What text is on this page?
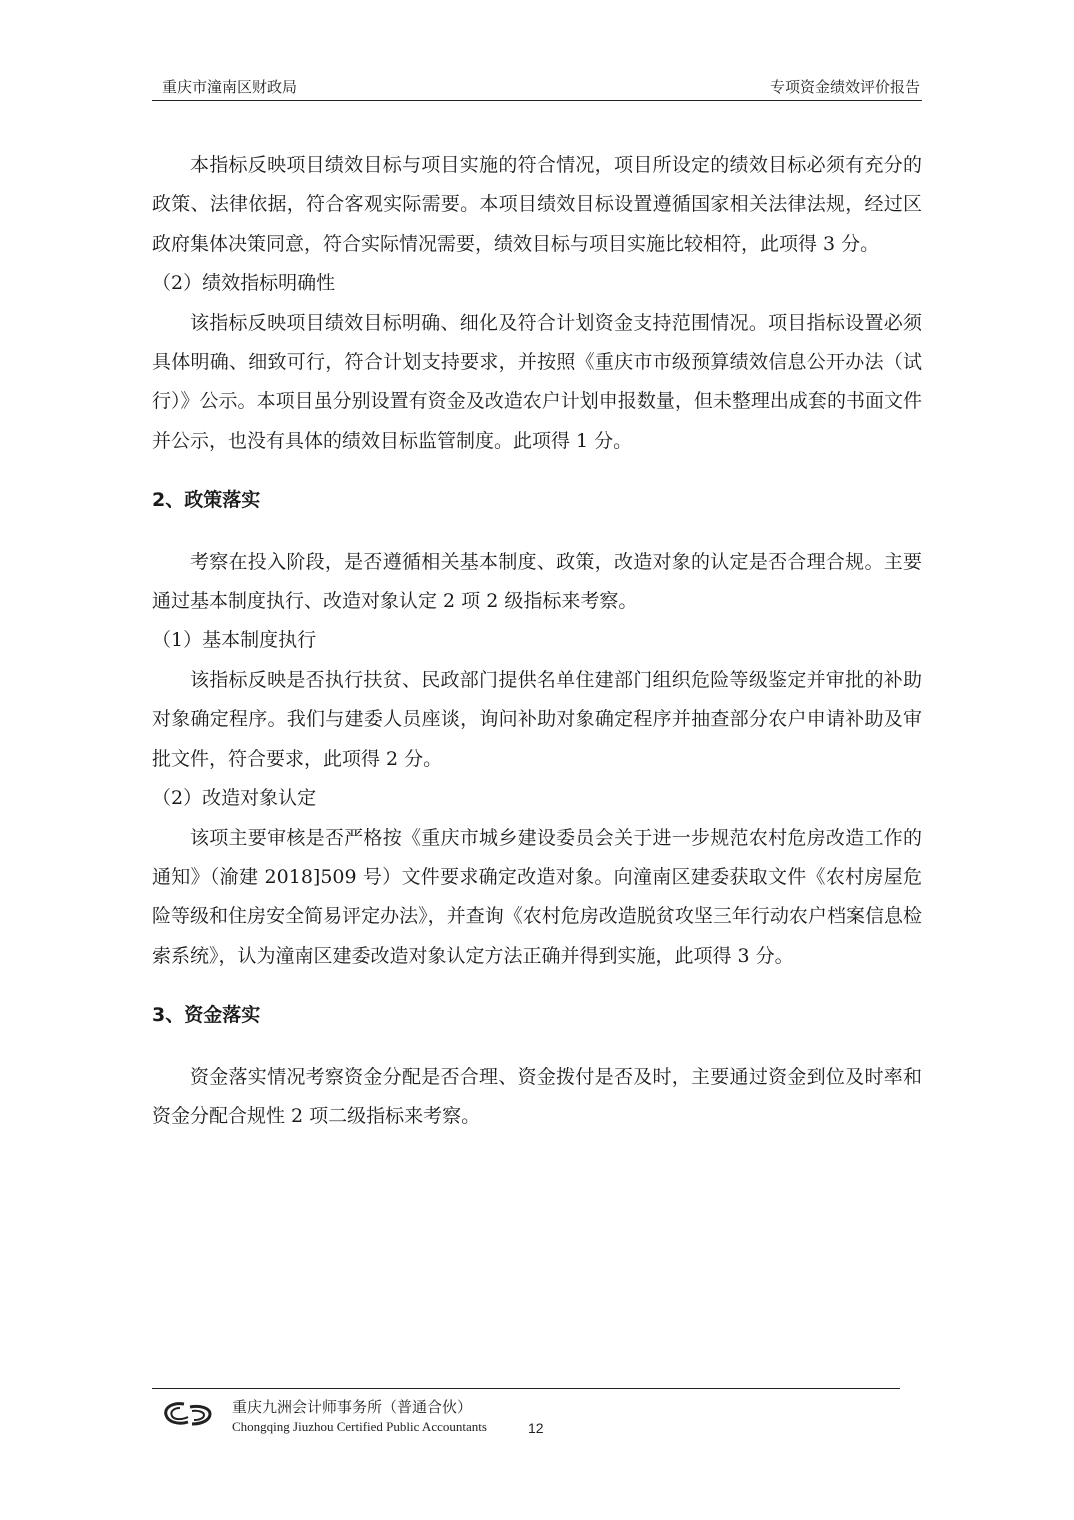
重庆市潼南区财政局	专项资金绩效评价报告

本指标反映项目绩效目标与项目实施的符合情况，项目所设定的绩效目标必须有充分的政策、法律依据，符合客观实际需要。本项目绩效目标设置遵循国家相关法律法规，经过区政府集体决策同意，符合实际情况需要，绩效目标与项目实施比较相符，此项得 3 分。

（2）绩效指标明确性

该指标反映项目绩效目标明确、细化及符合计划资金支持范围情况。项目指标设置必须具体明确、细致可行，符合计划支持要求，并按照《重庆市市级预算绩效信息公开办法（试行）》公示。本项目虽分别设置有资金及改造农户计划申报数量，但未整理出成套的书面文件并公示，也没有具体的绩效目标监管制度。此项得 1 分。

2、政策落实

考察在投入阶段，是否遵循相关基本制度、政策，改造对象的认定是否合理合规。主要通过基本制度执行、改造对象认定 2 项 2 级指标来考察。

（1）基本制度执行

该指标反映是否执行扶贫、民政部门提供名单住建部门组织危险等级鉴定并审批的补助对象确定程序。我们与建委人员座谈，询问补助对象确定程序并抽查部分农户申请补助及审批文件，符合要求，此项得 2 分。

（2）改造对象认定

该项主要审核是否严格按《重庆市城乡建设委员会关于进一步规范农村危房改造工作的通知》（渝建 2018]509 号）文件要求确定改造对象。向潼南区建委获取文件《农村房屋危险等级和住房安全简易评定办法》，并查询《农村危房改造脱贫攻坚三年行动农户档案信息检索系统》，认为潼南区建委改造对象认定方法正确并得到实施，此项得 3 分。

3、资金落实

资金落实情况考察资金分配是否合理、资金拨付是否及时，主要通过资金到位及时率和资金分配合规性 2 项二级指标来考察。

重庆九洲会计师事务所（普通合伙）
Chongqing Jiuzhou Certified Public Accountants	12
